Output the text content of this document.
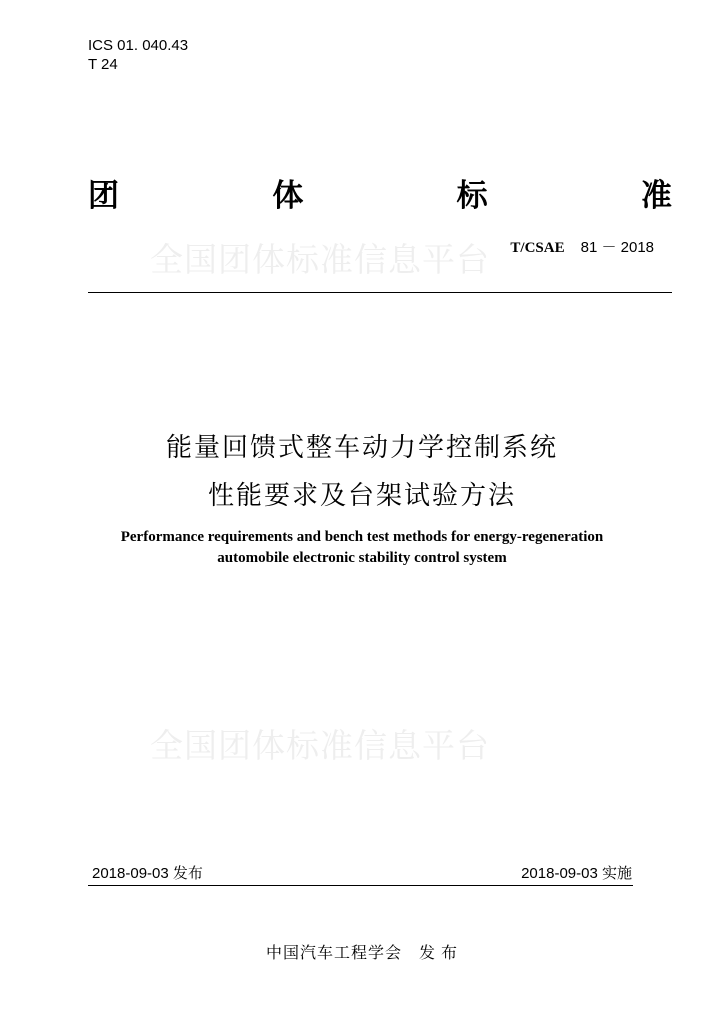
ICS 01. 040.43
T 24
团	体	标	准
全国团体标准信息平台 T/CSAE 81 － 2018
能量回馈式整车动力学控制系统
性能要求及台架试验方法
Performance requirements and bench test methods for energy-regeneration
automobile electronic stability control system
全国团体标准信息平台
2018-09-03 发布	2018-09-03 实施
中国汽车工程学会　发 布
